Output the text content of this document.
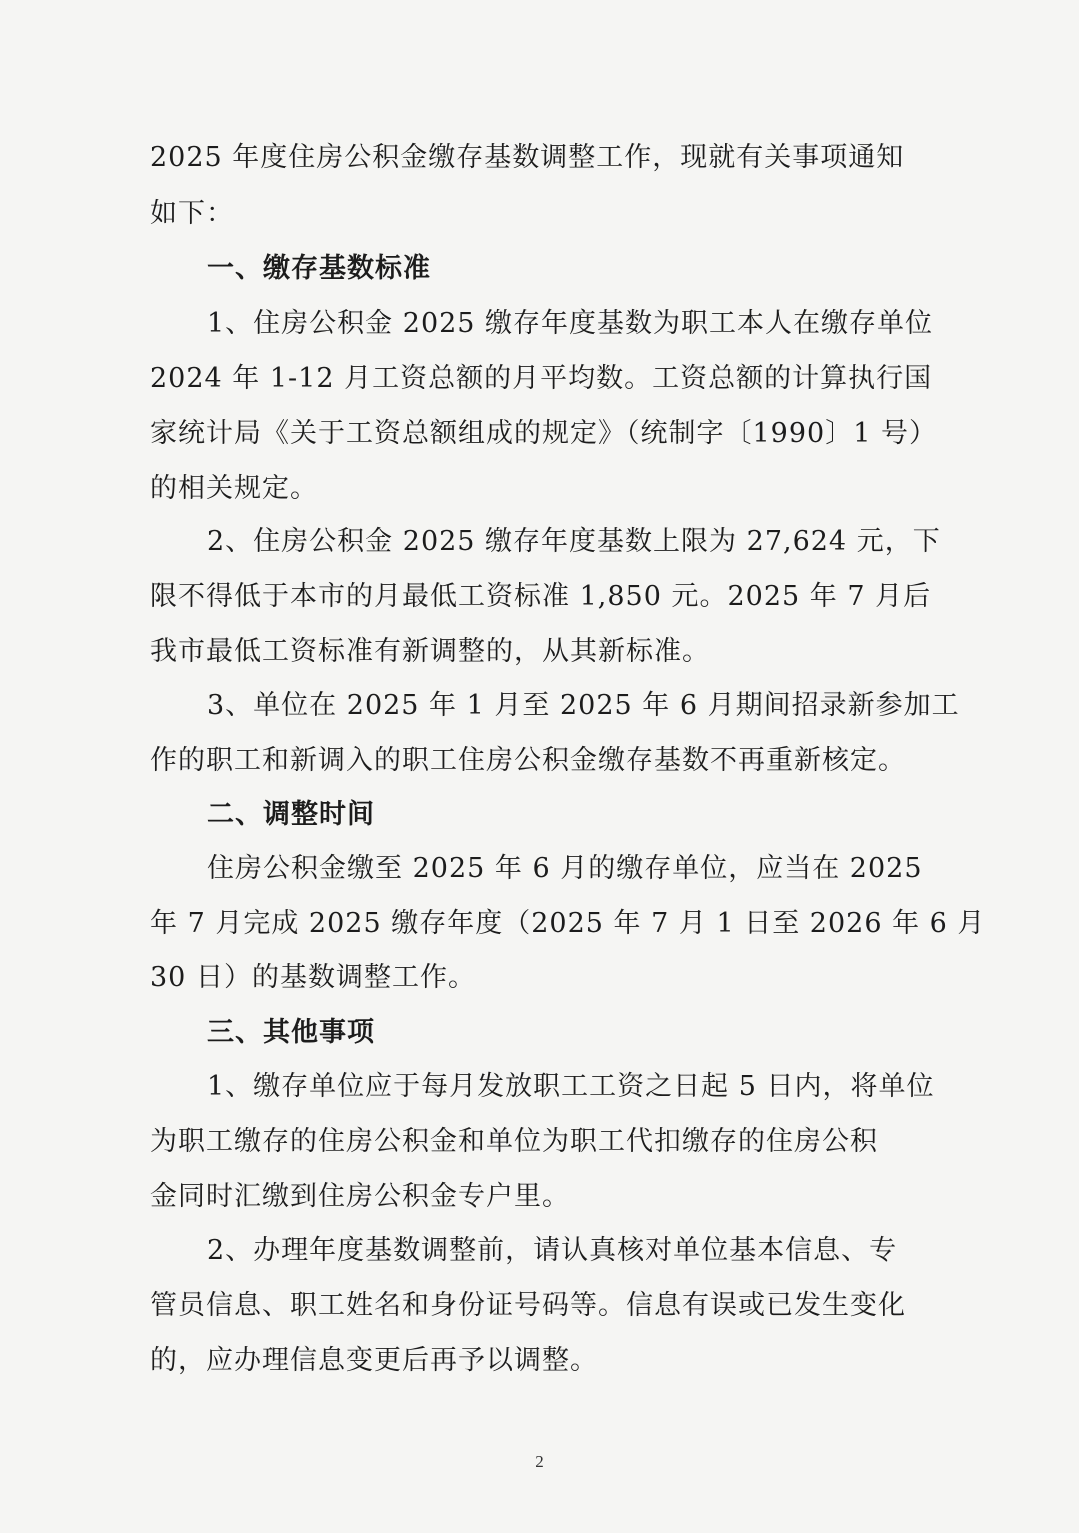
2025 年度住房公积金缴存基数调整工作，现就有关事项通知
如下：
一、缴存基数标准
1、住房公积金 2025 缴存年度基数为职工本人在缴存单位
2024 年 1-12 月工资总额的月平均数。工资总额的计算执行国
家统计局《关于工资总额组成的规定》（统制字〔1990〕1 号）
的相关规定。
2、住房公积金 2025 缴存年度基数上限为 27,624 元，下
限不得低于本市的月最低工资标准 1,850 元。2025 年 7 月后
我市最低工资标准有新调整的，从其新标准。
3、单位在 2025 年 1 月至 2025 年 6 月期间招录新参加工
作的职工和新调入的职工住房公积金缴存基数不再重新核定。
二、调整时间
住房公积金缴至 2025 年 6 月的缴存单位，应当在 2025
年 7 月完成 2025 缴存年度（2025 年 7 月 1 日至 2026 年 6 月
30 日）的基数调整工作。
三、其他事项
1、缴存单位应于每月发放职工工资之日起 5 日内，将单位
为职工缴存的住房公积金和单位为职工代扣缴存的住房公积
金同时汇缴到住房公积金专户里。
2、办理年度基数调整前，请认真核对单位基本信息、专
管员信息、职工姓名和身份证号码等。信息有误或已发生变化
的，应办理信息变更后再予以调整。
2
